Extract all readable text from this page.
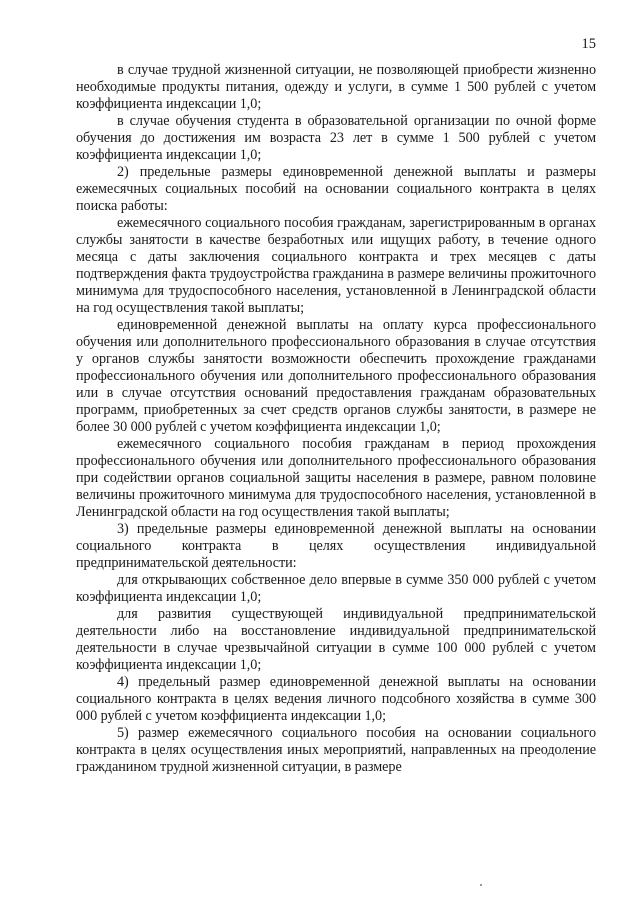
15

в случае трудной жизненной ситуации, не позволяющей приобрести жизненно необходимые продукты питания, одежду и услуги, в сумме 1 500 рублей с учетом коэффициента индексации 1,0;

в случае обучения студента в образовательной организации по очной форме обучения до достижения им возраста 23 лет в сумме 1 500 рублей с учетом коэффициента индексации 1,0;

2) предельные размеры единовременной денежной выплаты и размеры ежемесячных социальных пособий на основании социального контракта в целях поиска работы:

ежемесячного социального пособия гражданам, зарегистрированным в органах службы занятости в качестве безработных или ищущих работу, в течение одного месяца с даты заключения социального контракта и трех месяцев с даты подтверждения факта трудоустройства гражданина в размере величины прожиточного минимума для трудоспособного населения, установленной в Ленинградской области на год осуществления такой выплаты;

единовременной денежной выплаты на оплату курса профессионального обучения или дополнительного профессионального образования в случае отсутствия у органов службы занятости возможности обеспечить прохождение гражданами профессионального обучения или дополнительного профессионального образования или в случае отсутствия оснований предоставления гражданам образовательных программ, приобретенных за счет средств органов службы занятости, в размере не более 30 000 рублей с учетом коэффициента индексации 1,0;

ежемесячного социального пособия гражданам в период прохождения профессионального обучения или дополнительного профессионального образования при содействии органов социальной защиты населения в размере, равном половине величины прожиточного минимума для трудоспособного населения, установленной в Ленинградской области на год осуществления такой выплаты;

3) предельные размеры единовременной денежной выплаты на основании социального контракта в целях осуществления индивидуальной предпринимательской деятельности:

для открывающих собственное дело впервые в сумме 350 000 рублей с учетом коэффициента индексации 1,0;

для развития существующей индивидуальной предпринимательской деятельности либо на восстановление индивидуальной предпринимательской деятельности в случае чрезвычайной ситуации в сумме 100 000 рублей с учетом коэффициента индексации 1,0;

4) предельный размер единовременной денежной выплаты на основании социального контракта в целях ведения личного подсобного хозяйства в сумме 300 000 рублей с учетом коэффициента индексации 1,0;

5) размер ежемесячного социального пособия на основании социального контракта в целях осуществления иных мероприятий, направленных на преодоление гражданином трудной жизненной ситуации, в размере
